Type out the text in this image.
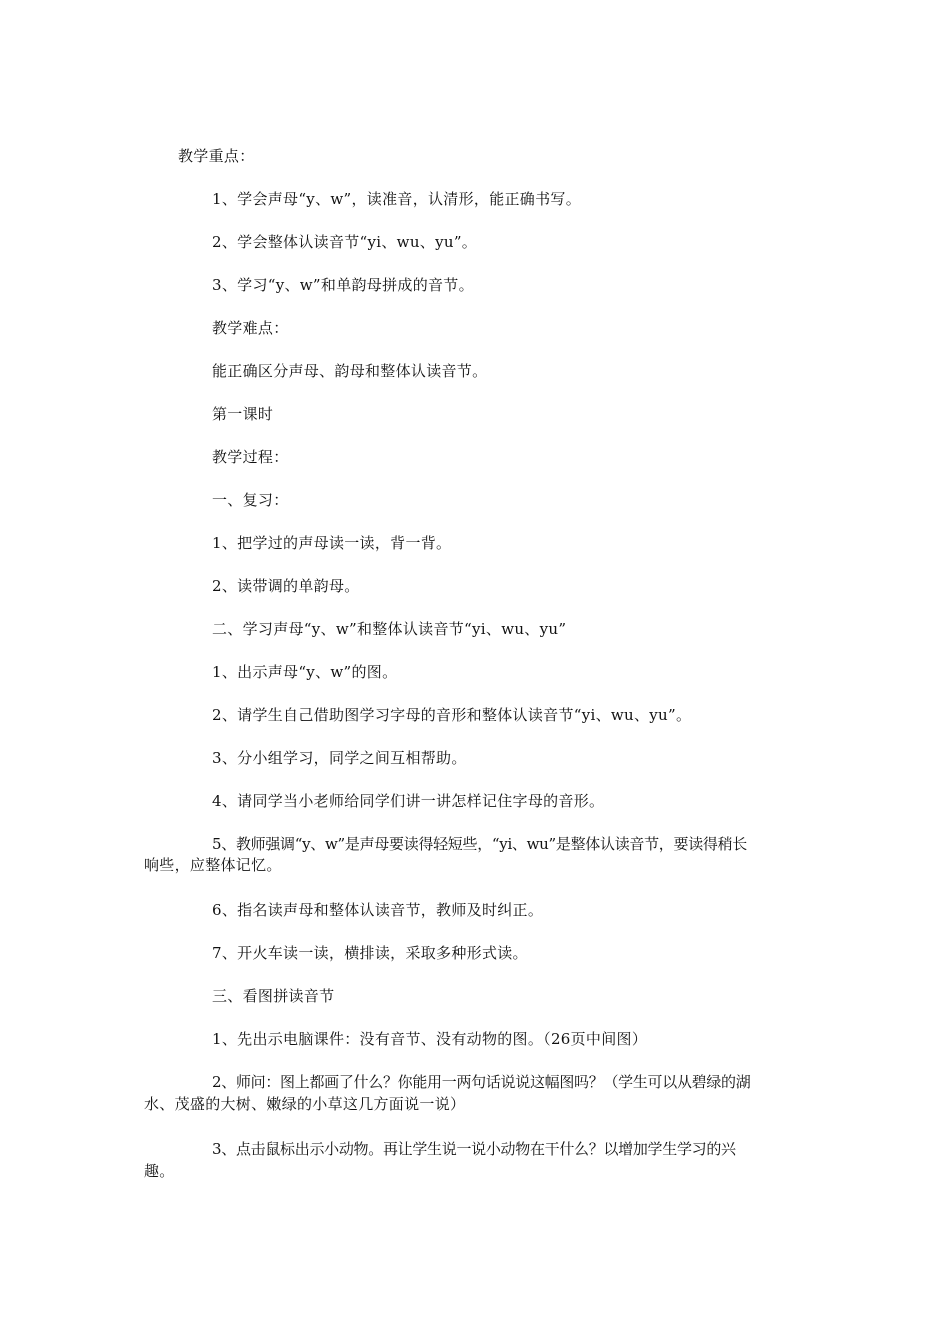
教学重点：
1、学会声母“y、w”，读准音，认清形，能正确书写。
2、学会整体认读音节“yi、wu、yu”。
3、学习“y、w”和单韵母拼成的音节。
教学难点：
能正确区分声母、韵母和整体认读音节。
第一课时
教学过程：
一、复习：
1、把学过的声母读一读，背一背。
2、读带调的单韵母。
二、学习声母“y、w”和整体认读音节“yi、wu、yu”
1、出示声母“y、w”的图。
2、请学生自己借助图学习字母的音形和整体认读音节“yi、wu、yu”。
3、分小组学习，同学之间互相帮助。
4、请同学当小老师给同学们讲一讲怎样记住字母的音形。
5、教师强调“y、w”是声母要读得轻短些，“yi、wu”是整体认读音节，要读得稍长
响些，应整体记忆。
6、指名读声母和整体认读音节，教师及时纠正。
7、开火车读一读，横排读，采取多种形式读。
三、看图拼读音节
1、先出示电脑课件：没有音节、没有动物的图。（26页中间图）
2、师问：图上都画了什么？你能用一两句话说说这幅图吗？（学生可以从碧绿的湖
水、茂盛的大树、嫩绿的小草这几方面说一说）
3、点击鼠标出示小动物。再让学生说一说小动物在干什么？以增加学生学习的兴
趣。
